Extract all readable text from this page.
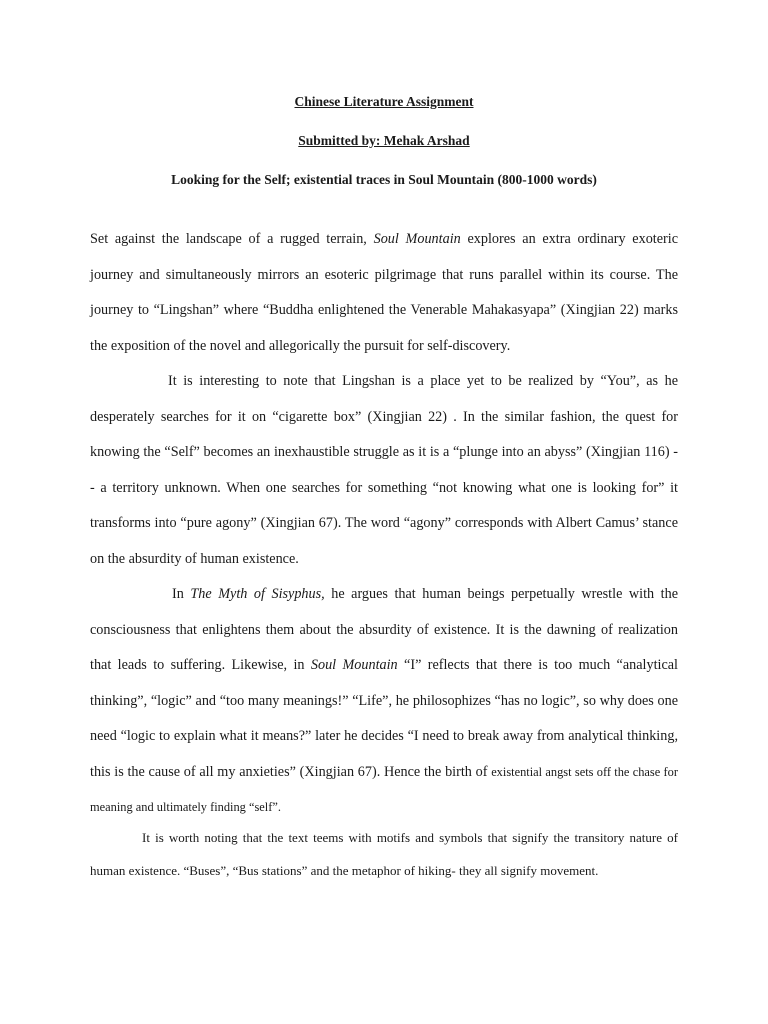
Chinese Literature Assignment

Submitted by: Mehak Arshad

Looking for the Self; existential traces in Soul Mountain (800-1000 words)

Set against the landscape of a rugged terrain, Soul Mountain explores an extra ordinary exoteric journey and simultaneously mirrors an esoteric pilgrimage that runs parallel within its course. The journey to “Lingshan” where “Buddha enlightened the Venerable Mahakasyapa” (Xingjian 22) marks the exposition of the novel and allegorically the pursuit for self-discovery.

It is interesting to note that Lingshan is a place yet to be realized by “You”, as he desperately searches for it on “cigarette box” (Xingjian 22) . In the similar fashion, the quest for knowing the “Self” becomes an inexhaustible struggle as it is a “plunge into an abyss” (Xingjian 116) -- a territory unknown. When one searches for something “not knowing what one is looking for” it transforms into “pure agony” (Xingjian 67). The word “agony” corresponds with Albert Camus’ stance on the absurdity of human existence.

In The Myth of Sisyphus, he argues that human beings perpetually wrestle with the consciousness that enlightens them about the absurdity of existence. It is the dawning of realization that leads to suffering. Likewise, in Soul Mountain “I” reflects that there is too much “analytical thinking”, “logic” and “too many meanings!” “Life”, he philosophizes “has no logic”, so why does one need “logic to explain what it means?” later he decides “I need to break away from analytical thinking, this is the cause of all my anxieties” (Xingjian 67). Hence the birth of existential angst sets off the chase for meaning and ultimately finding “self”.

It is worth noting that the text teems with motifs and symbols that signify the transitory nature of human existence. “Buses”, “Bus stations” and the metaphor of hiking- they all signify movement.
